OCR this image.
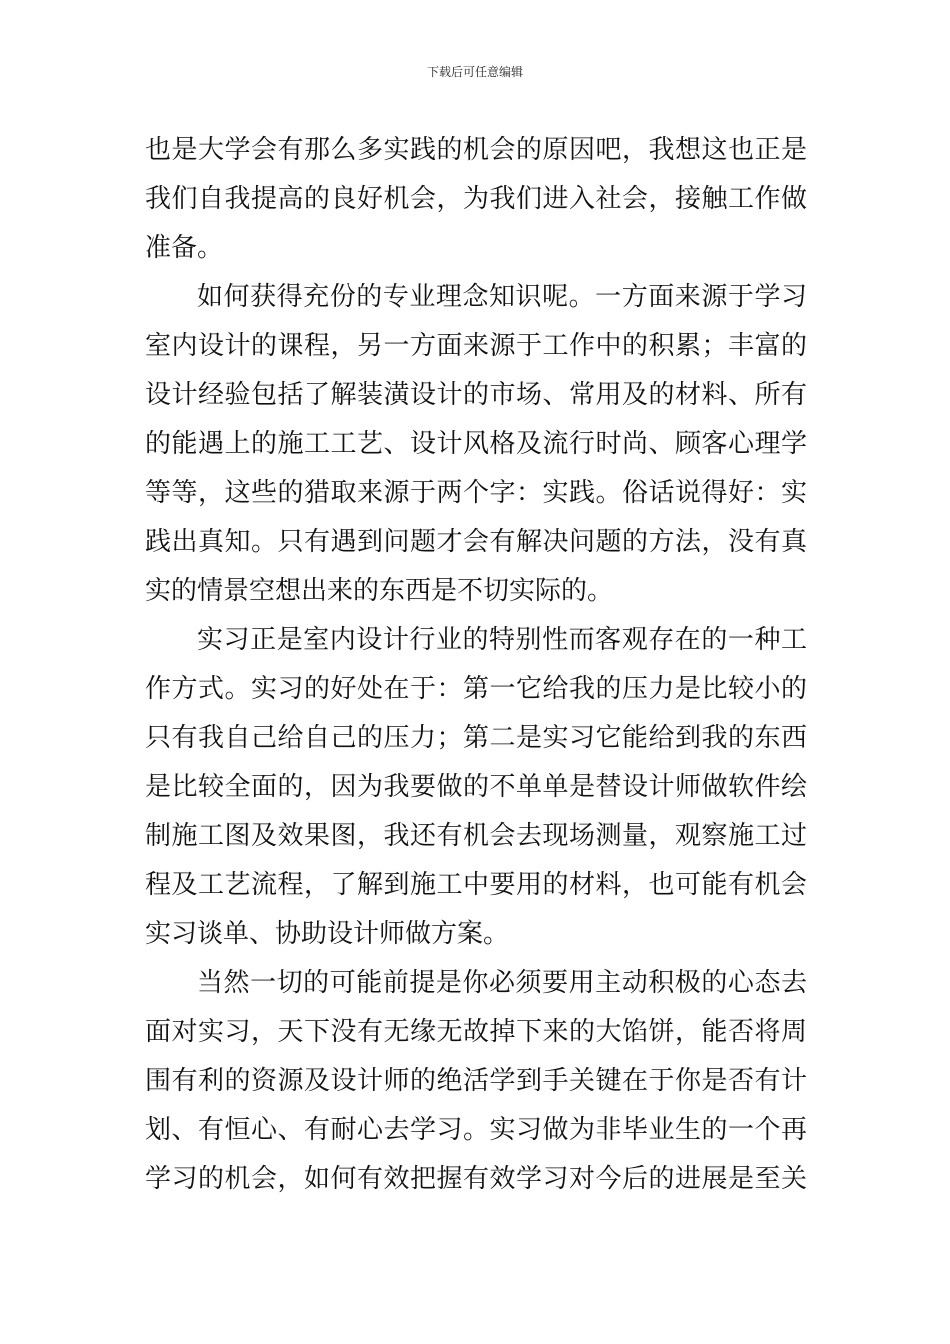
下载后可任意编辑
也是大学会有那么多实践的机会的原因吧，我想这也正是
我们自我提高的良好机会，为我们进入社会，接触工作做
准备。
如何获得充份的专业理念知识呢。一方面来源于学习
室内设计的课程，另一方面来源于工作中的积累；丰富的
设计经验包括了解装潢设计的市场、常用及的材料、所有
的能遇上的施工工艺、设计风格及流行时尚、顾客心理学
等等，这些的猎取来源于两个字：实践。俗话说得好：实
践出真知。只有遇到问题才会有解决问题的方法，没有真
实的情景空想出来的东西是不切实际的。
实习正是室内设计行业的特别性而客观存在的一种工
作方式。实习的好处在于：第一它给我的压力是比较小的
只有我自己给自己的压力；第二是实习它能给到我的东西
是比较全面的，因为我要做的不单单是替设计师做软件绘
制施工图及效果图，我还有机会去现场测量，观察施工过
程及工艺流程，了解到施工中要用的材料，也可能有机会
实习谈单、协助设计师做方案。
当然一切的可能前提是你必须要用主动积极的心态去
面对实习，天下没有无缘无故掉下来的大馅饼，能否将周
围有利的资源及设计师的绝活学到手关键在于你是否有计
划、有恒心、有耐心去学习。实习做为非毕业生的一个再
学习的机会，如何有效把握有效学习对今后的进展是至关
